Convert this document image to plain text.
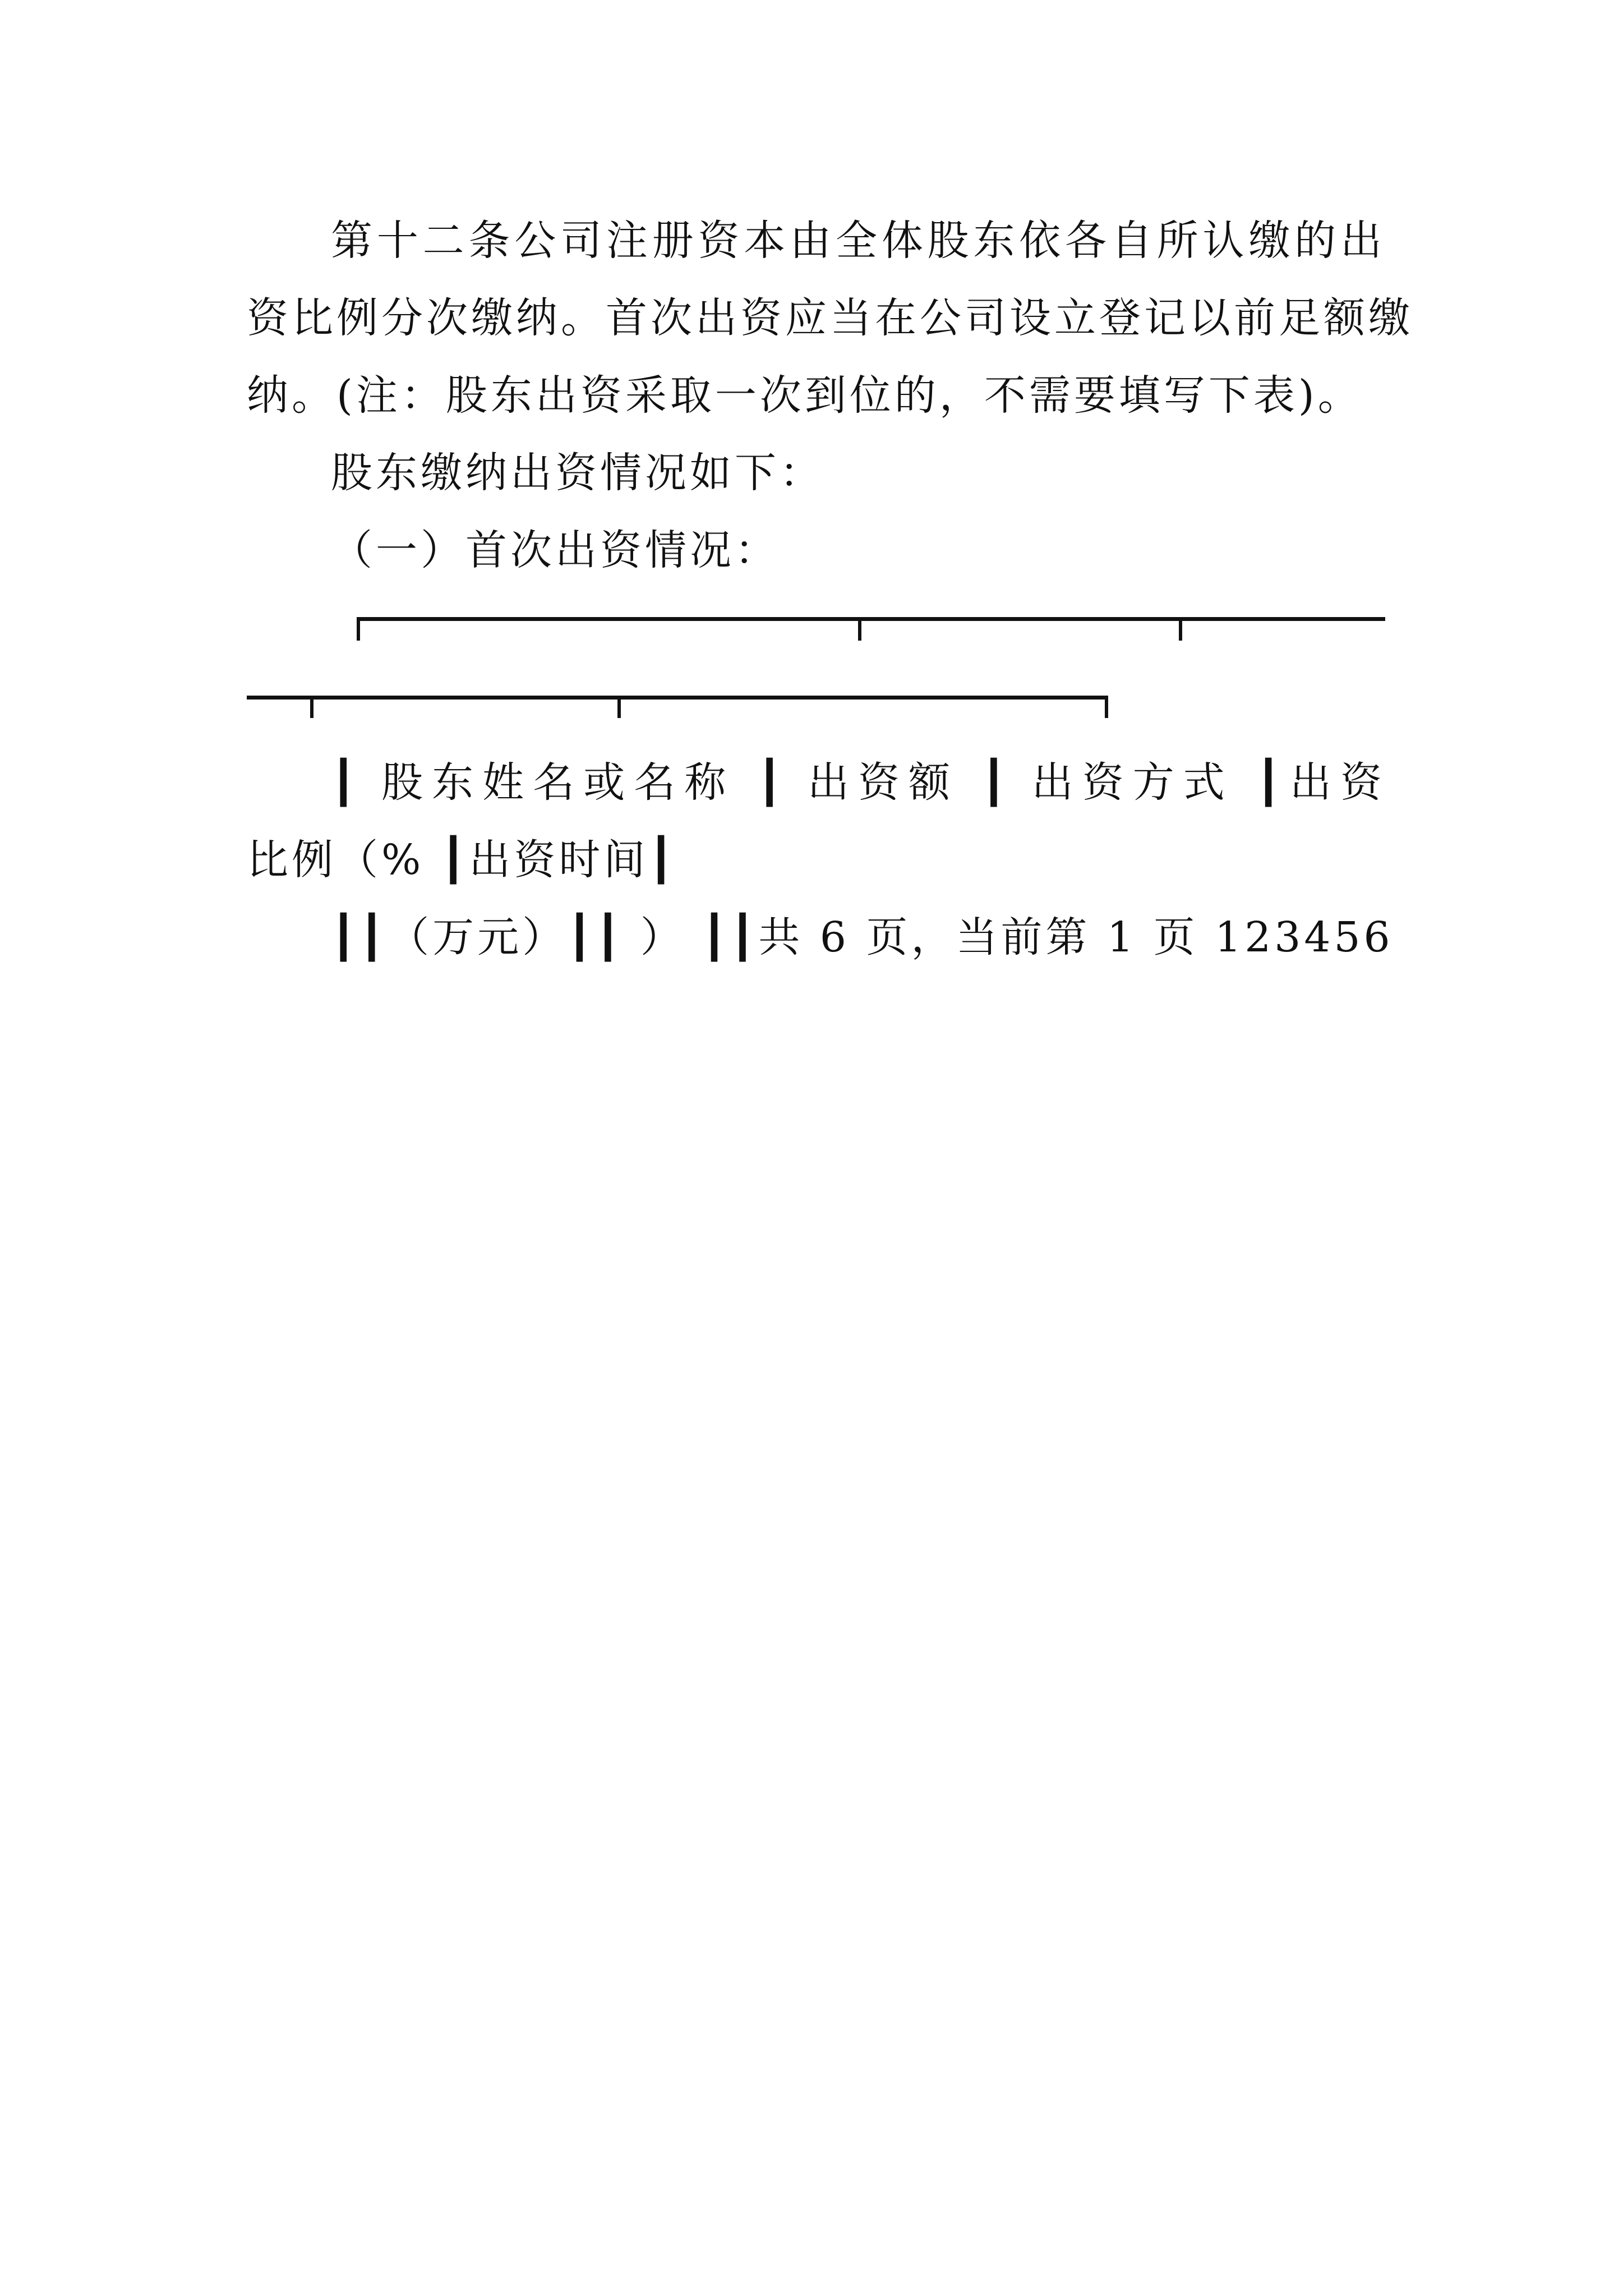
第十二条公司注册资本由全体股东依各自所认缴的出
资比例分次缴纳。首次出资应当在公司设立登记以前足额缴
纳。(注：股东出资采取一次到位的，不需要填写下表)。
股东缴纳出资情况如下：
（一）首次出资情况：
┃ 股东姓名或名称 ┃ 出资额 ┃ 出资方式 ┃出资
比例（% ┃出资时间┃
┃┃（万元）┃┃ ） ┃┃共 6 页，当前第 1 页 123456
